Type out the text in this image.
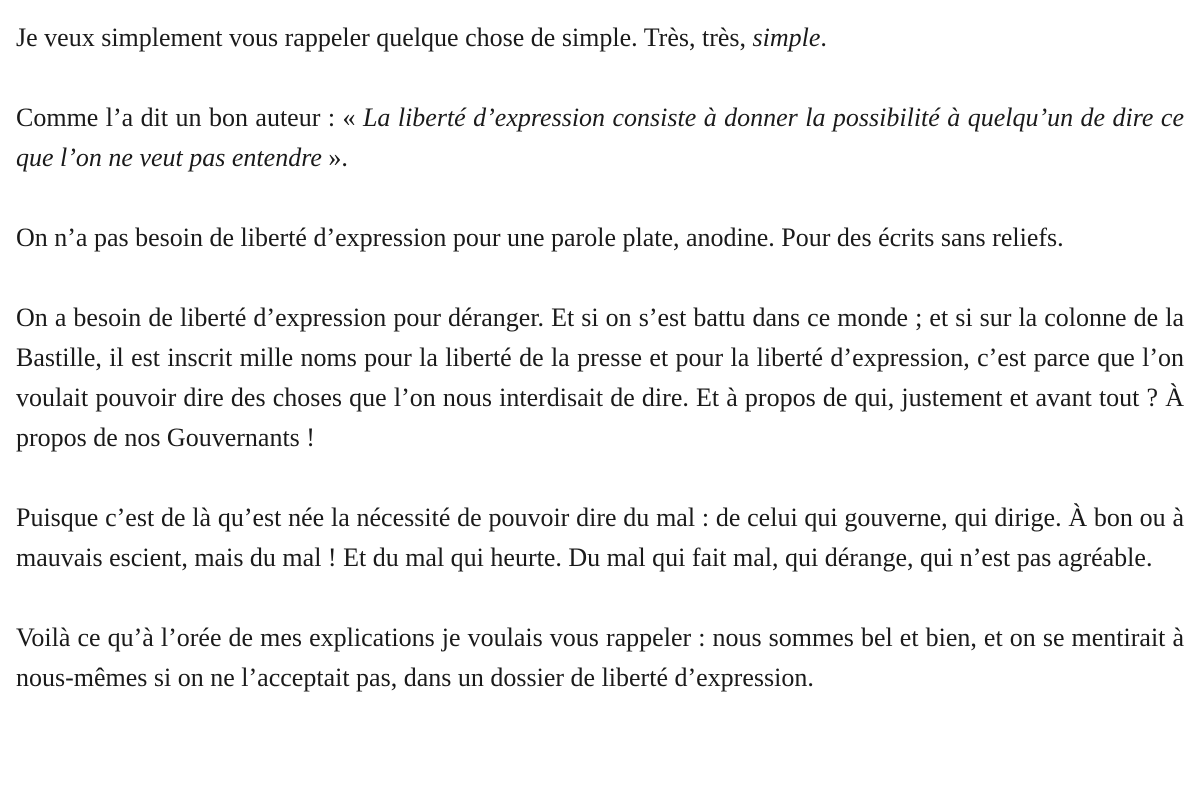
Je veux simplement vous rappeler quelque chose de simple. Très, très, simple.

Comme l’a dit un bon auteur : « La liberté d’expression consiste à donner la possibilité à quelqu’un de dire ce que l’on ne veut pas entendre ».

On n’a pas besoin de liberté d’expression pour une parole plate, anodine. Pour des écrits sans reliefs.

On a besoin de liberté d’expression pour déranger. Et si on s’est battu dans ce monde ; et si sur la colonne de la Bastille, il est inscrit mille noms pour la liberté de la presse et pour la liberté d’expression, c’est parce que l’on voulait pouvoir dire des choses que l’on nous interdisait de dire. Et à propos de qui, justement et avant tout ? À propos de nos Gouvernants !

Puisque c’est de là qu’est née la nécessité de pouvoir dire du mal : de celui qui gouverne, qui dirige. À bon ou à mauvais escient, mais du mal ! Et du mal qui heurte. Du mal qui fait mal, qui dérange, qui n’est pas agréable.

Voilà ce qu’à l’orée de mes explications je voulais vous rappeler : nous sommes bel et bien, et on se mentirait à nous-mêmes si on ne l’acceptait pas, dans un dossier de liberté d’expression.
